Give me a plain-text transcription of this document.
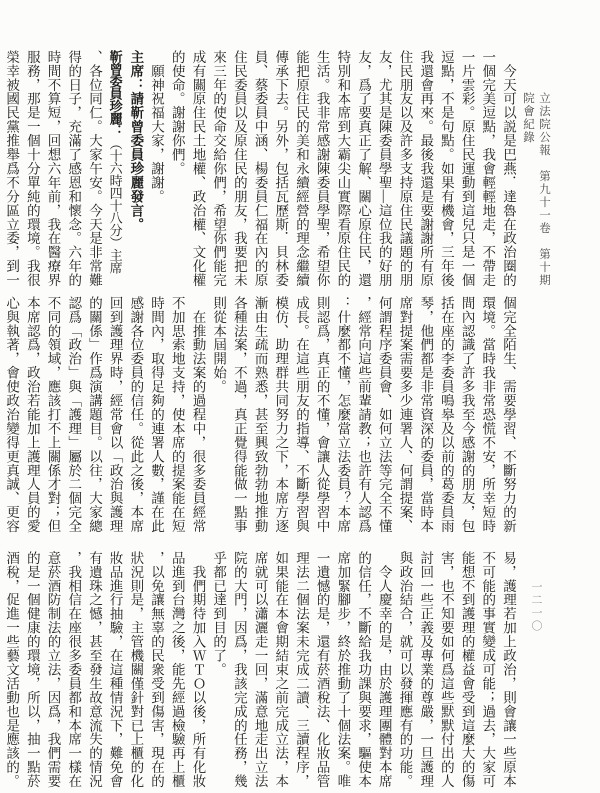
立法院公報　第九十一卷　第十期　院會紀錄
一二一〇
　今天可以説是巴燕．達魯在政治圈的
一個完美逗點，我會輕輕地走，不帶走
一片雲彩。原住民運動到這兒只是一個
逗點，不是句點。如果有機會，三年後
我還會再來。最後我還是要謝謝所有原
住民朋友以及許多支持原住民議題的朋
友，尤其是陳委員學聖—這位我的好朋
友，爲了要真正了解、關心原住民，還
特別和本席到大霸尖山實際看原住民的
生活。我非常感謝陳委員學聖，希望你
能把原住民的美和永續經營的理念繼續
傳承下去。另外，包括瓦歷斯．貝林委
員、蔡委員中涵、楊委員仁福在內的原
住民委員以及原住民的朋友，我要把未
來三年的使命交給你們，希望你們能完
成有關原住民土地權、政治權、文化權
的使命。謝謝你們。
　願神祝福大家，謝謝。
主席：請靳曾委員珍麗發言。
靳曾委員珍麗：（十六時四十八分）主席
、各位同仁。大家午安。今天是非常難
得的日子，充滿了感恩和懷念。六年的
時間不算短，回想六年前，我在醫療界
服務，那是一個十分單純的環境。我很
榮幸被國民黨推舉爲不分區立委，到一
個完全陌生、需要學習、不斷努力的新
環境。當時我非常恐慌不安，所幸短時
間內認識了許多我至今感謝的朋友，包
括在座的李委員鳴皋及以前的葛委員雨
琴，他們都是非常資深的委員，當時本
席對提案需要多少連署人、何謂提案、
何謂程序委員會、如何立法等完全不懂
，經常向這些前輩請教；也許有人認爲
：什麼都不懂，怎麼當立法委員？本席
則認爲，真正的不懂，會讓人從學習中
成長。在這些朋友的指導、不斷學習與
模仿、助理群共同努力之下，本席方逐
漸由生疏而熟悉，甚至興致勃勃地推動
各種法案，不過，真正覺得能做一點事
則從本屆開始。
　在推動法案的過程中，很多委員經常
不加思索地支持，使本席的提案能在短
時間內，取得足夠的連署人數，謹在此
感謝各位委員的信任。從此之後，本席
回到護理界時，經常會以「政治與護理
的關係」作爲演講題目。以往，大家總
認爲「政治」與「護理」屬於二個完全
不同的領域，應該打不上關係才對；但
本席認爲，政治若能加上護理人員的愛
心與執著，會使政治變得更真誠、更容
易，護理若加上政治，則會讓一些原本
不可能的事實變成可能；過去，大家可
能想不到護理的權益會受到這麼大的傷
害，也不知要如何爲這些默默付出的人
討回一些正義及專業的尊嚴，一旦護理
與政治結合，就可以發揮應有的功能。
　令人慶幸的是，由於護理團體對本席
的信任，不斷給我功課與要求，驅使本
席加緊腳步，終於推動了十個法案。唯
一遺憾的是，還有菸酒稅法、化妝品管
理法二個法案未完成二讀、三讀程序，
如果能在本會期結束之前完成立法，本
席就可以瀟灑走一回，滿意地走出立法
院的大門，因爲，我該完成的任務，幾
乎都已達到目的了。
　我們期待加入ＷＴＯ以後，所有化妝
品進到台灣之後，能先經過檢驗再上櫃
，以免讓無辜的民衆受到傷害，現在的
狀況則是，主管機關僅針對已上櫃的化
妝品進行抽驗，在這種情況下，難免會
有遺珠之憾，甚至發生故意流失的情況
，我相信在座很多委員都和本席一樣在
意菸酒防制法的立法，因爲，我們需要
的是一個健康的環境，所以，抽一點菸
酒稅，促進一些藝文活動也是應該的。
